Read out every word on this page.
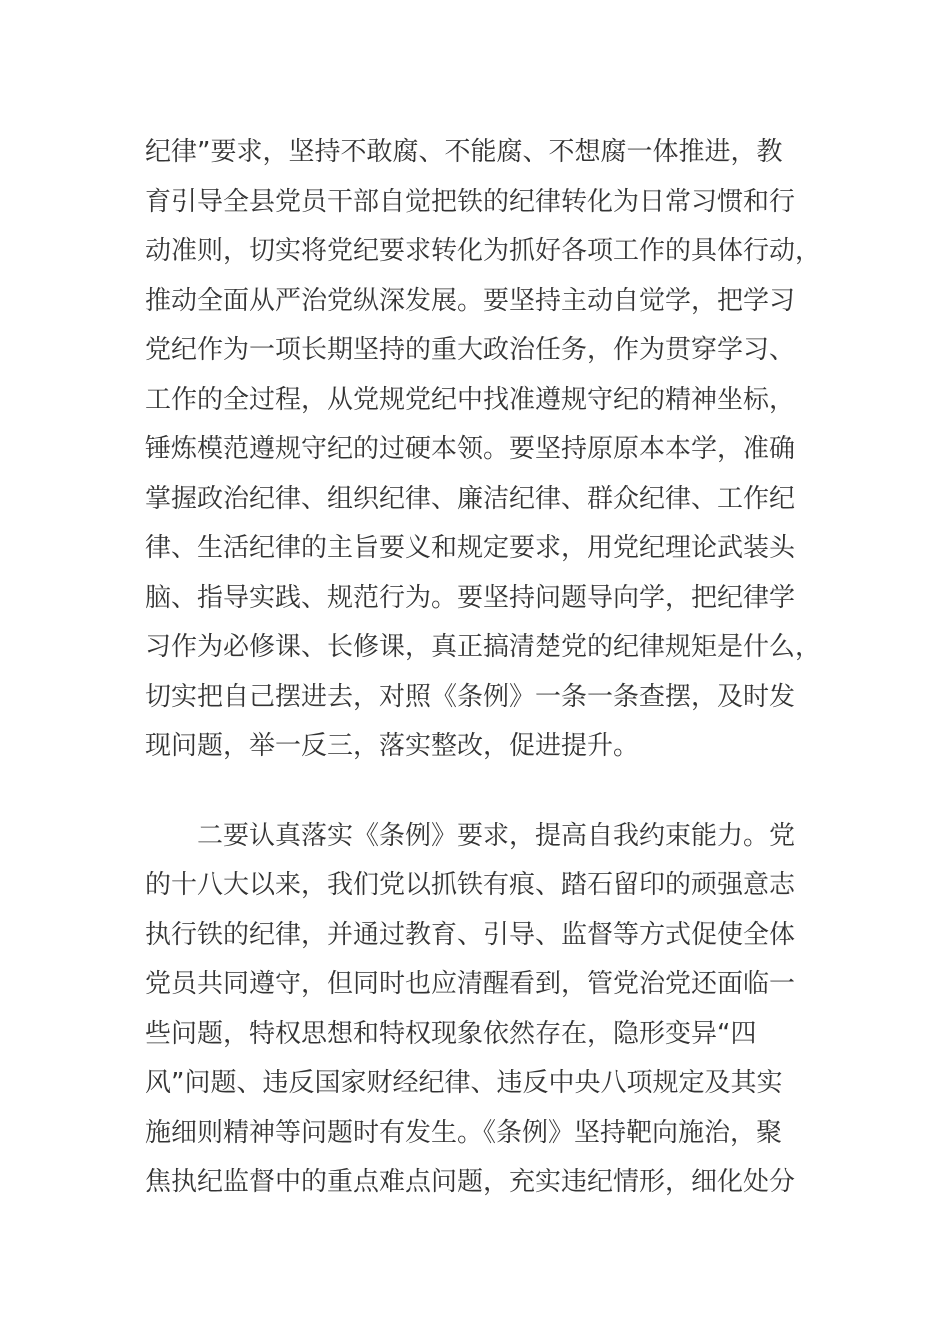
纪律”要求，坚持不敢腐、不能腐、不想腐一体推进，教
育引导全县党员干部自觉把铁的纪律转化为日常习惯和行
动准则，切实将党纪要求转化为抓好各项工作的具体行动，
推动全面从严治党纵深发展。要坚持主动自觉学，把学习
党纪作为一项长期坚持的重大政治任务，作为贯穿学习、
工作的全过程，从党规党纪中找准遵规守纪的精神坐标，
锤炼模范遵规守纪的过硬本领。要坚持原原本本学，准确
掌握政治纪律、组织纪律、廉洁纪律、群众纪律、工作纪
律、生活纪律的主旨要义和规定要求，用党纪理论武装头
脑、指导实践、规范行为。要坚持问题导向学，把纪律学
习作为必修课、长修课，真正搞清楚党的纪律规矩是什么，
切实把自己摆进去，对照《条例》一条一条查摆，及时发
现问题，举一反三，落实整改，促进提升。
　　二要认真落实《条例》要求，提高自我约束能力。党
的十八大以来，我们党以抓铁有痕、踏石留印的顽强意志
执行铁的纪律，并通过教育、引导、监督等方式促使全体
党员共同遵守，但同时也应清醒看到，管党治党还面临一
些问题，特权思想和特权现象依然存在，隐形变异“四
风”问题、违反国家财经纪律、违反中央八项规定及其实
施细则精神等问题时有发生。《条例》坚持靶向施治，聚
焦执纪监督中的重点难点问题，充实违纪情形，细化处分
